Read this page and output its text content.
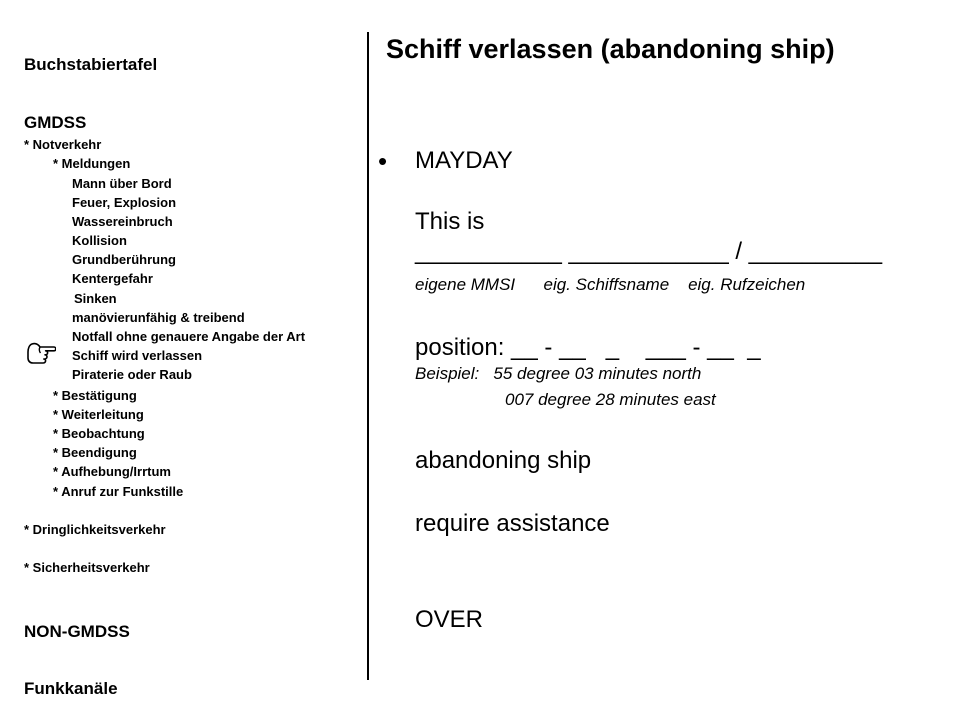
Buchstabiertafel
GMDSS
* Notverkehr
* Meldungen
Mann über Bord
Feuer, Explosion
Wassereinbruch
Kollision
Grundberührung
Kentergefahr
Sinken
manövierunfähig & treibend
Notfall ohne genauere Angabe der Art
Schiff wird verlassen
Piraterie oder Raub
* Bestätigung
* Weiterleitung
* Beobachtung
* Beendigung
* Aufhebung/Irrtum
* Anruf zur Funkstille
* Dringlichkeitsverkehr
* Sicherheitsverkehr
NON-GMDSS
Funkkanäle
Schiff verlassen (abandoning ship)
• MAYDAY
This is
___________ ____________ / __________
eigene MMSI      eig. Schiffsname    eig. Rufzeichen
position: __ - __   _    ___ - __  _
Beispiel:   55 degree 03 minutes north
007 degree 28 minutes east
abandoning ship
require assistance
OVER
